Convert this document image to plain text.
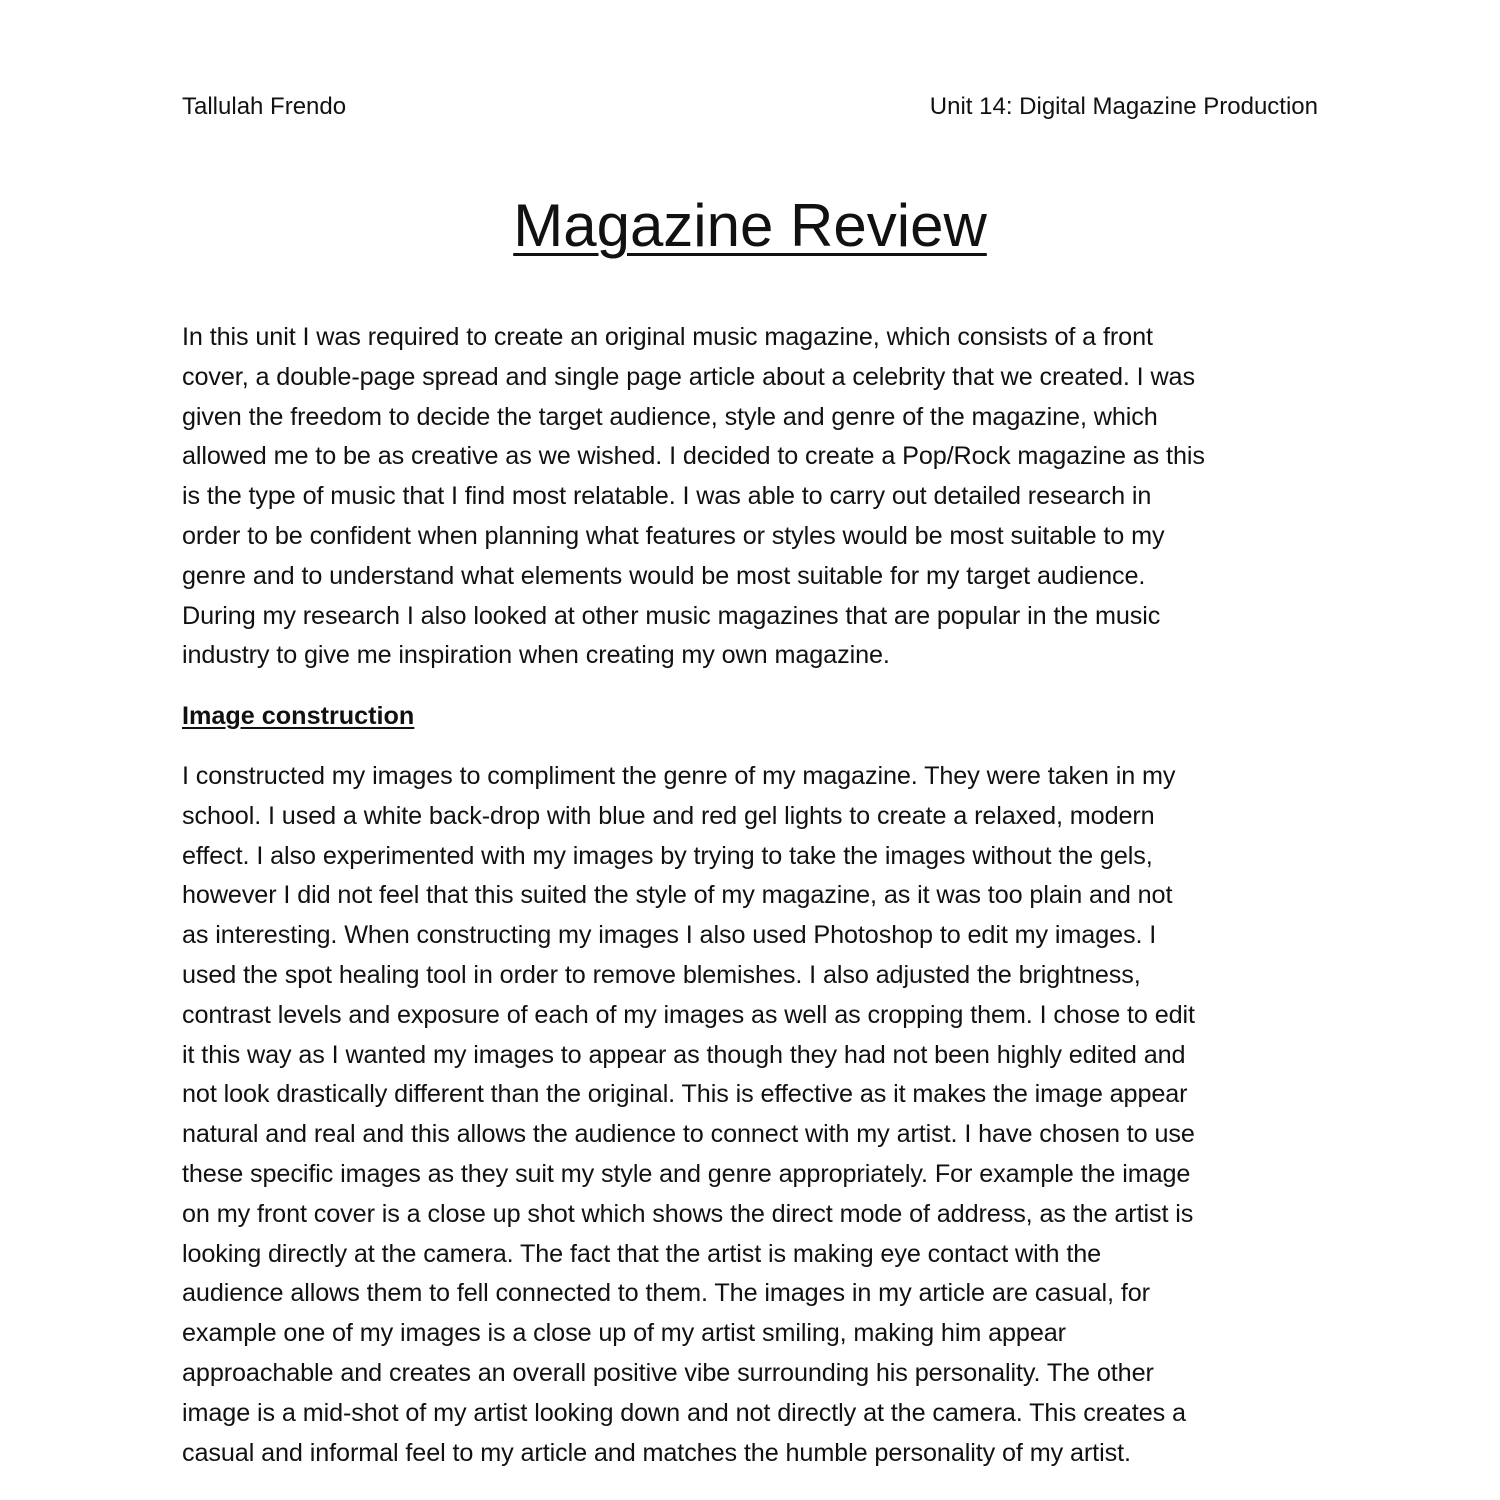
Tallulah Frendo	Unit 14: Digital Magazine Production
Magazine Review
In this unit I was required to create an original music magazine, which consists of a front
cover, a double-page spread and single page article about a celebrity that we created. I was
given the freedom to decide the target audience, style and genre of the magazine, which
allowed me to be as creative as we wished. I decided to create a Pop/Rock magazine as this
is the type of music that I find most relatable. I was able to carry out detailed research in
order to be confident when planning what features or styles would be most suitable to my
genre and to understand what elements would be most suitable for my target audience.
During my research I also looked at other music magazines that are popular in the music
industry to give me inspiration when creating my own magazine.
Image construction
I constructed my images to compliment the genre of my magazine. They were taken in my
school. I used a white back-drop with blue and red gel lights to create a relaxed, modern
effect. I also experimented with my images by trying to take the images without the gels,
however I did not feel that this suited the style of my magazine, as it was too plain and not
as interesting. When constructing my images I also used Photoshop to edit my images. I
used the spot healing tool in order to remove blemishes. I also adjusted the brightness,
contrast levels and exposure of each of my images as well as cropping them. I chose to edit
it this way as I wanted my images to appear as though they had not been highly edited and
not look drastically different than the original. This is effective as it makes the image appear
natural and real and this allows the audience to connect with my artist. I have chosen to use
these specific images as they suit my style and genre appropriately. For example the image
on my front cover is a close up shot which shows the direct mode of address, as the artist is
looking directly at the camera. The fact that the artist is making eye contact with the
audience allows them to fell connected to them. The images in my article are casual, for
example one of my images is a close up of my artist smiling, making him appear
approachable and creates an overall positive vibe surrounding his personality. The other
image is a mid-shot of my artist looking down and not directly at the camera. This creates a
casual and informal feel to my article and matches the humble personality of my artist.
